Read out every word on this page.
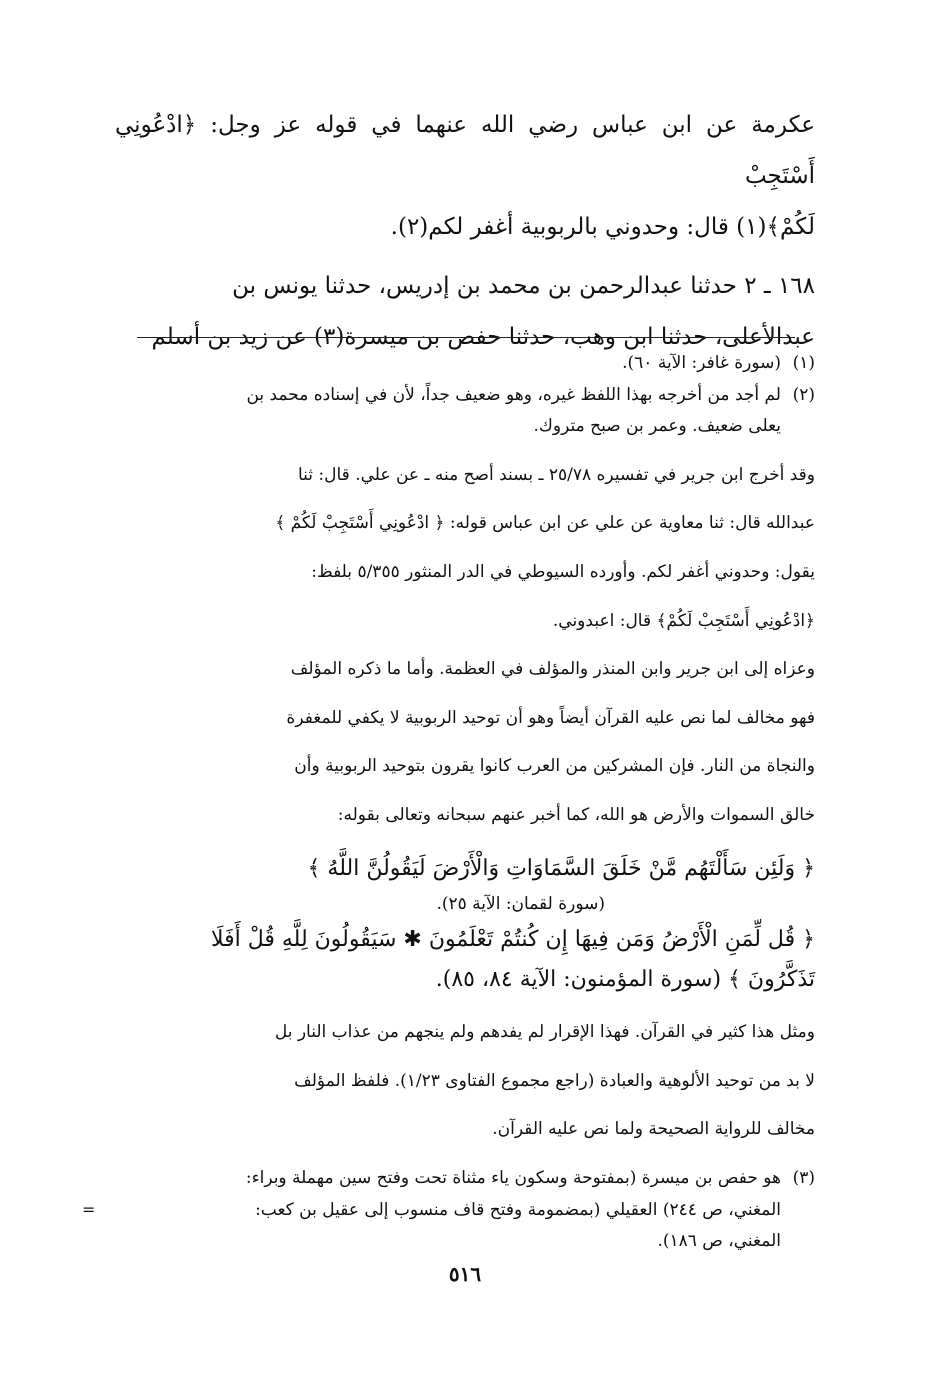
عكرمة عن ابن عباس رضي الله عنهما في قوله عز وجل: ﴿ادْعُونِي أَسْتَجِبْ
لَكُمْ﴾(١) قال: وحدوني بالربوبية أغفر لكم(٢).

١٦٨ ـ ٢ حدثنا عبدالرحمن بن محمد بن إدريس، حدثنا يونس بن
عبدالأعلى، حدثنا ابن وهب، حدثنا حفص بن ميسرة(٣) عن زيد بن أسلم

(١)

(سورة غافر: الآية ٦٠).

(٢)

لم أجد من أخرجه بهذا اللفظ غيره، وهو ضعيف جداً، لأن في إسناده محمد بن

يعلى ضعيف. وعمر بن صبح متروك.

وقد أخرج ابن جرير في تفسيره ٢٥/٧٨ ـ بسند أصح منه ـ عن علي. قال: ثنا

عبدالله قال: ثنا معاوية عن علي عن ابن عباس قوله: ﴿ ادْعُونِي أَسْتَجِبْ لَكُمْ ﴾

يقول: وحدوني أغفر لكم. وأورده السيوطي في الدر المنثور ٥/٣٥٥ بلفظ:

﴿ادْعُونِي أَسْتَجِبْ لَكُمْ﴾ قال: اعبدوني.

وعزاه إلى ابن جرير وابن المنذر والمؤلف في العظمة. وأما ما ذكره المؤلف

فهو مخالف لما نص عليه القرآن أيضاً وهو أن توحيد الربوبية لا يكفي للمغفرة

والنجاة من النار. فإن المشركين من العرب كانوا يقرون بتوحيد الربوبية وأن

خالق السموات والأرض هو الله، كما أخبر عنهم سبحانه وتعالى بقوله:

﴿ وَلَئِن سَأَلْتَهُم مَّنْ خَلَقَ السَّمَاوَاتِ وَالْأَرْضَ لَيَقُولُنَّ اللَّهُ ﴾

(سورة لقمان: الآية ٢٥).

﴿ قُل لِّمَنِ الْأَرْضُ وَمَن فِيهَا إِن كُنتُمْ تَعْلَمُونَ ✱ سَيَقُولُونَ لِلَّهِ قُلْ أَفَلَا

تَذَكَّرُونَ ﴾ (سورة المؤمنون: الآية ٨٤، ٨٥).

ومثل هذا كثير في القرآن. فهذا الإقرار لم يفدهم ولم ينجهم من عذاب النار بل

لا بد من توحيد الألوهية والعبادة (راجع مجموع الفتاوى ١/٢٣). فلفظ المؤلف

مخالف للرواية الصحيحة ولما نص عليه القرآن.

(٣)

هو حفص بن ميسرة (بمفتوحة وسكون ياء مثناة تحت وفتح سين مهملة وبراء:

المغني، ص ٢٤٤) العقيلي (بمضمومة وفتح قاف منسوب إلى عقيل بن كعب:

المغني، ص ١٨٦).

=
٥١٦
